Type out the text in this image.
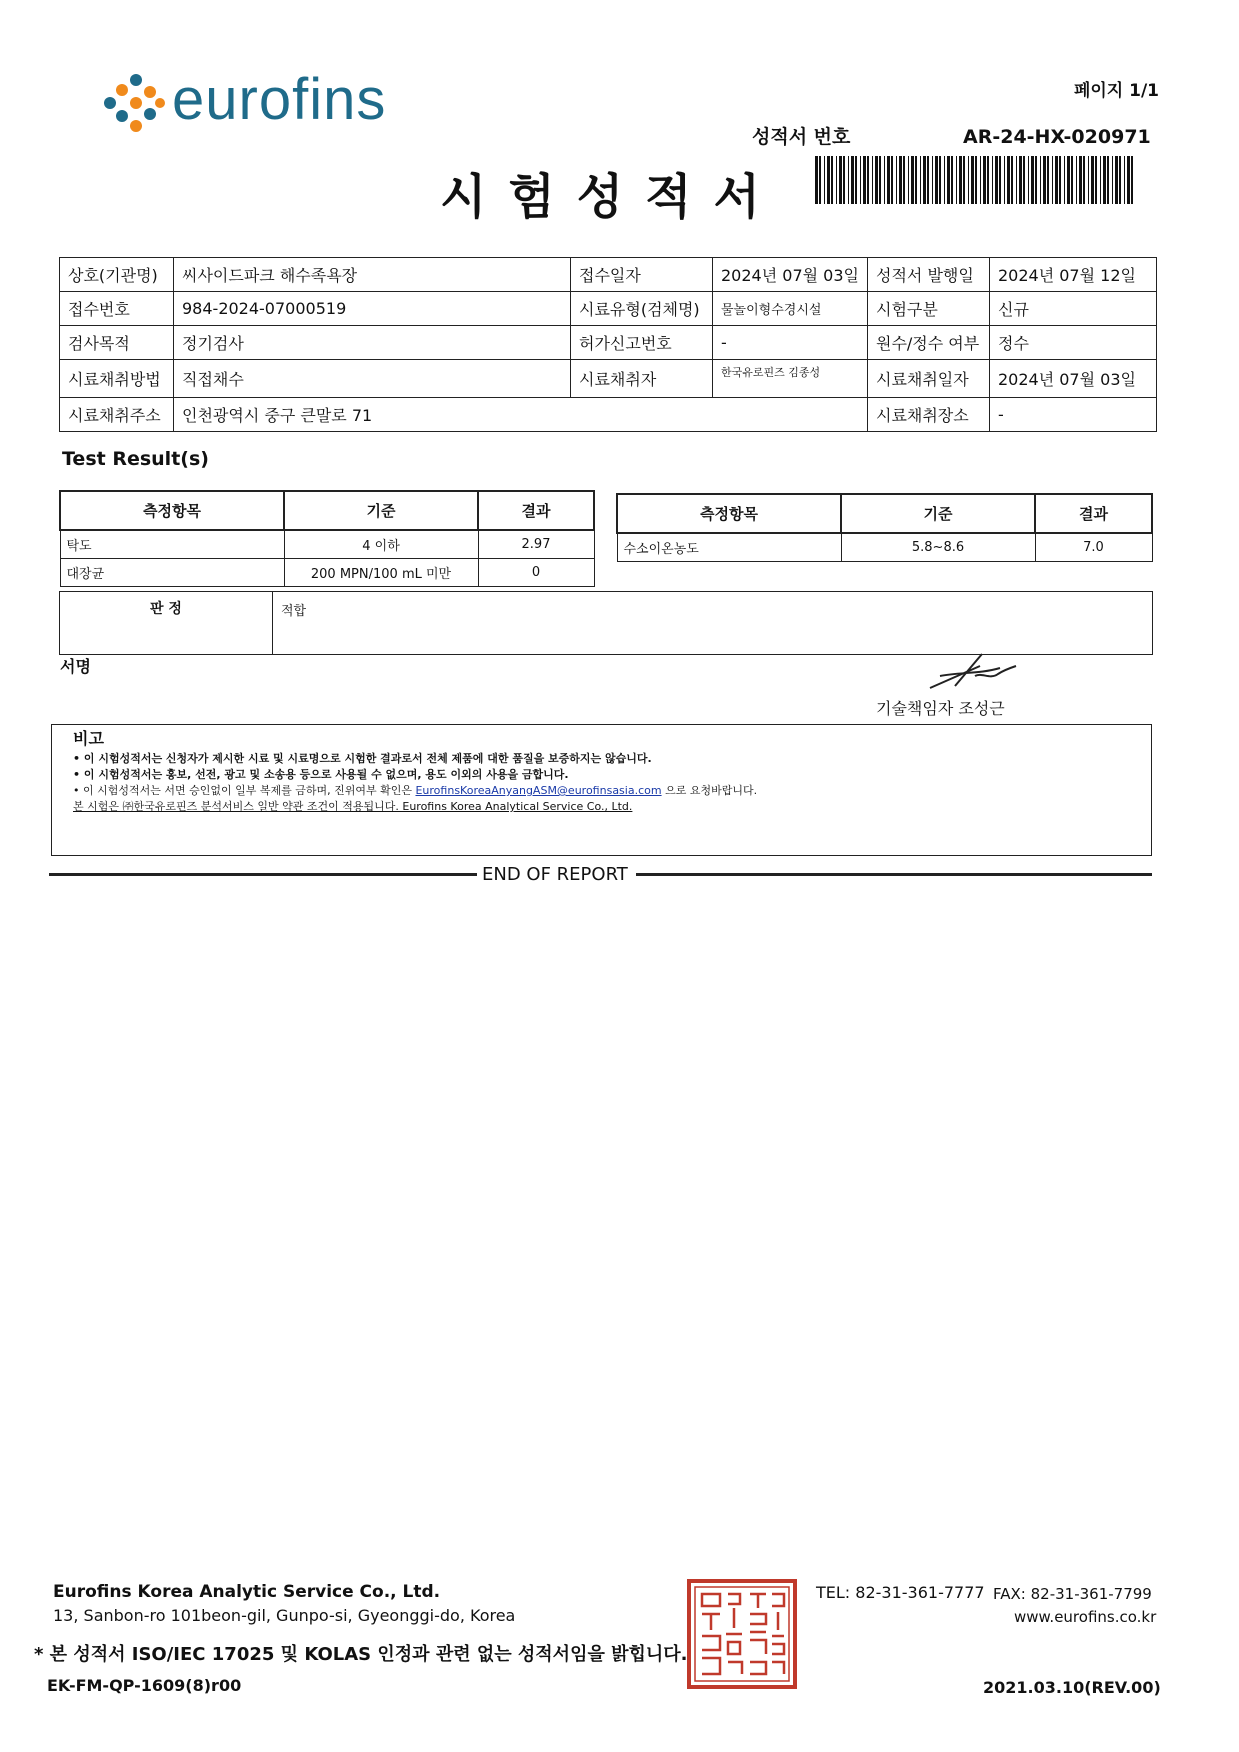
eurofins	페이지 1/1
성적서 번호	AR-24-HX-020971
시험성적서
상호(기관명)	씨사이드파크 해수족욕장	접수일자	2024년 07월 03일	성적서 발행일	2024년 07월 12일
접수번호	984-2024-07000519	시료유형(검체명)	물놀이형수경시설	시험구분	신규
검사목적	정기검사	허가신고번호	-	원수/정수 여부	정수
시료채취방법	직접채수	시료채취자	한국유로핀즈 김종성	시료채취일자	2024년 07월 03일
시료채취주소	인천광역시 중구 큰말로 71			시료채취장소	-
Test Result(s)
측정항목	기준	결과
탁도	4 이하	2.97
대장균	200 MPN/100 mL 미만	0
측정항목	기준	결과
수소이온농도	5.8~8.6	7.0
판 정	적합
서명
기술책임자 조성근
비고
• 이 시험성적서는 신청자가 제시한 시료 및 시료명으로 시험한 결과로서 전체 제품에 대한 품질을 보증하지는 않습니다.
• 이 시험성적서는 홍보, 선전, 광고 및 소송용 등으로 사용될 수 없으며, 용도 이외의 사용을 금합니다.
• 이 시험성적서는 서면 승인없이 일부 복제를 금하며, 진위여부 확인은 EurofinsKoreaAnyangASM@eurofinsasia.com 으로 요청바랍니다.
본 시험은 ㈜한국유로핀즈 분석서비스 일반 약관 조건이 적용됩니다. Eurofins Korea Analytical Service Co., Ltd.
END OF REPORT
Eurofins Korea Analytic Service Co., Ltd.
13, Sanbon-ro 101beon-gil, Gunpo-si, Gyeonggi-do, Korea
* 본 성적서 ISO/IEC 17025 및 KOLAS 인정과 관련 없는 성적서임을 밝힙니다.
EK-FM-QP-1609(8)r00
TEL: 82-31-361-7777 FAX: 82-31-361-7799
www.eurofins.co.kr
2021.03.10(REV.00)
